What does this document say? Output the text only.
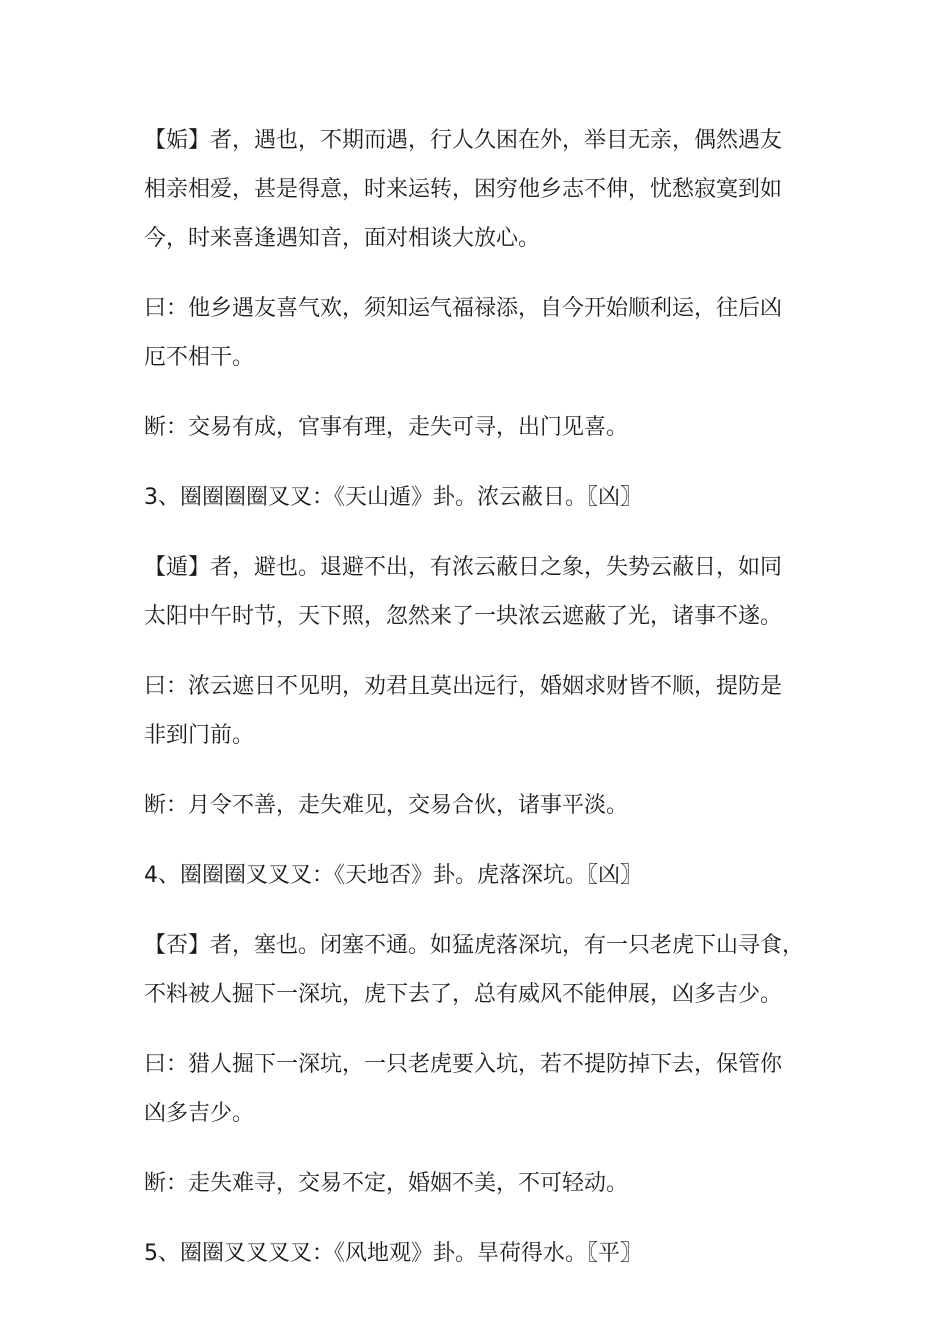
【姤】者，遇也，不期而遇，行人久困在外，举目无亲，偶然遇友

相亲相爱，甚是得意，时来运转，困穷他乡志不伸，忧愁寂寞到如

今，时来喜逢遇知音，面对相谈大放心。

曰：他乡遇友喜气欢，须知运气福禄添，自今开始顺利运，往后凶

厄不相干。

断：交易有成，官事有理，走失可寻，出门见喜。

3、圈圈圈圈叉叉：《天山遁》卦。浓云蔽日。〖凶〗

【遁】者，避也。退避不出，有浓云蔽日之象，失势云蔽日，如同

太阳中午时节，天下照，忽然来了一块浓云遮蔽了光，诸事不遂。

曰：浓云遮日不见明，劝君且莫出远行，婚姻求财皆不顺，提防是

非到门前。

断：月令不善，走失难见，交易合伙，诸事平淡。

4、圈圈圈叉叉叉：《天地否》卦。虎落深坑。〖凶〗

【否】者，塞也。闭塞不通。如猛虎落深坑，有一只老虎下山寻食，

不料被人掘下一深坑，虎下去了，总有威风不能伸展，凶多吉少。

曰：猎人掘下一深坑，一只老虎要入坑，若不提防掉下去，保管你

凶多吉少。

断：走失难寻，交易不定，婚姻不美，不可轻动。

5、圈圈叉叉叉叉：《风地观》卦。旱荷得水。〖平〗
